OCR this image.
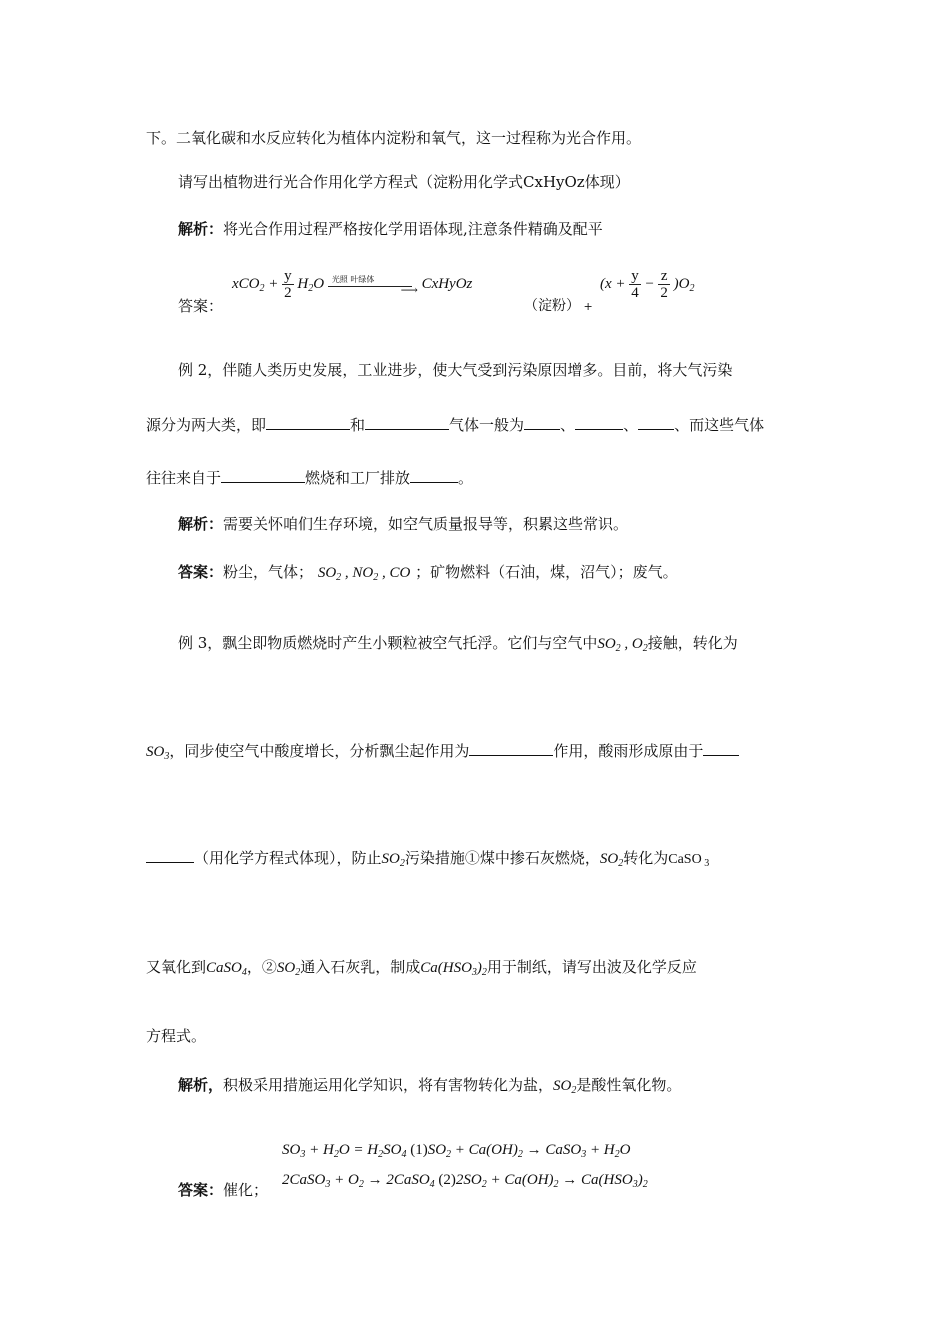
下。二氧化碳和水反应转化为植体内淀粉和氧气，这一过程称为光合作用。
请写出植物进行光合作用化学方程式（淀粉用化学式CxHyOz体现）
解析：将光合作用过程严格按化学用语体现,注意条件精确及配平
答案：
$xCO_2 + \frac{y}{2} H_2O$ 光照 叶绿体
⟶ CxHyOz
（淀粉） +
$(x + \frac{y}{4} - \frac{z}{2} )O_2$
例 2，伴随人类历史发展，工业进步，使大气受到污染原因增多。目前，将大气污染
源分为两大类，即	和	气体一般为 、	、 、而这些气体
往往来自于	燃烧和工厂排放	。
解析：需要关怀咱们生存环境，如空气质量报导等，积累这些常识。
答案：粉尘，气体； $SO_2$ , $NO_2$ , CO ；矿物燃料（石油，煤，沼气）；废气。
例 3，飘尘即物质燃烧时产生小颗粒被空气托浮。它们与空气中$SO_2$ , $O_2$接触，转化为
$SO_3$，同步使空气中酸度增长，分析飘尘起作用为	作用，酸雨形成原由于
（用化学方程式体现），防止$SO_2$污染措施①煤中掺石灰燃烧，$SO_2$转化为CaSO $_3$
又氧化到CaSO$_4$，$②SO_2$通入石灰乳，制成$Ca(HSO_3)_2$用于制纸，请写出波及化学反应
方程式。
解析，积极采用措施运用化学知识，将有害物转化为盐，$SO_2$是酸性氧化物。
答案：催化；
$SO_3 + H_2O = H_2SO_4$ $(1)SO_2 + Ca(OH)_2$ → CaSO$_3$ + $H_2O$
2CaSO$_3$ + $O_2$ → 2CaSO$_4$ $(2)2SO_2 + Ca(OH)_2 \to Ca(HSO_3)_2$
